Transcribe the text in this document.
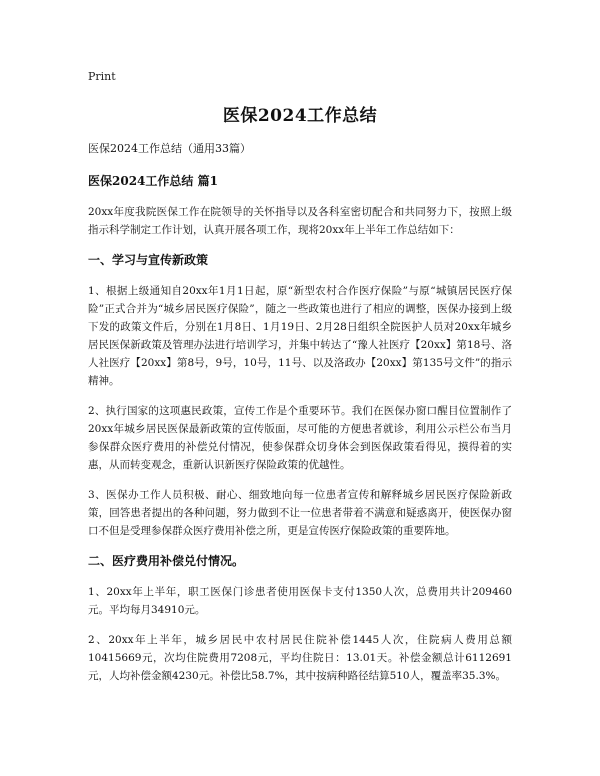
Print
医保2024工作总结
医保2024工作总结（通用33篇）
医保2024工作总结 篇1

20xx年度我院医保工作在院领导的关怀指导以及各科室密切配合和共同努力下，按照上级指示科学制定工作计划，认真开展各项工作，现将20xx年上半年工作总结如下：

一、学习与宣传新政策

1、根据上级通知自20xx年1月1日起，原“新型农村合作医疗保险”与原“城镇居民医疗保险”正式合并为“城乡居民医疗保险”，随之一些政策也进行了相应的调整，医保办接到上级下发的政策文件后，分别在1月8日、1月19日、2月28日组织全院医护人员对20xx年城乡居民医保新政策及管理办法进行培训学习，并集中转达了“豫人社医疗【20xx】第18号、洛人社医疗【20xx】第8号，9号，10号，11号、以及洛政办【20xx】第135号文件”的指示精神。

2、执行国家的这项惠民政策，宣传工作是个重要环节。我们在医保办窗口醒目位置制作了20xx年城乡居民医保最新政策的宣传版面，尽可能的方便患者就诊，利用公示栏公布当月参保群众医疗费用的补偿兑付情况，使参保群众切身体会到医保政策看得见，摸得着的实惠，从而转变观念，重新认识新医疗保险政策的优越性。

3、医保办工作人员积极、耐心、细致地向每一位患者宣传和解释城乡居民医疗保险新政策，回答患者提出的各种问题，努力做到不让一位患者带着不满意和疑惑离开，使医保办窗口不但是受理参保群众医疗费用补偿之所，更是宣传医疗保险政策的重要阵地。

二、医疗费用补偿兑付情况。

1、20xx年上半年，职工医保门诊患者使用医保卡支付1350人次，总费用共计209460元。平均每月34910元。

2、20xx年上半年，城乡居民中农村居民住院补偿1445人次，住院病人费用总额10415669元，次均住院费用7208元，平均住院日：13.01天。补偿金额总计6112691元，人均补偿金额4230元。补偿比58.7%，其中按病种路径结算510人，覆盖率35.3%。
